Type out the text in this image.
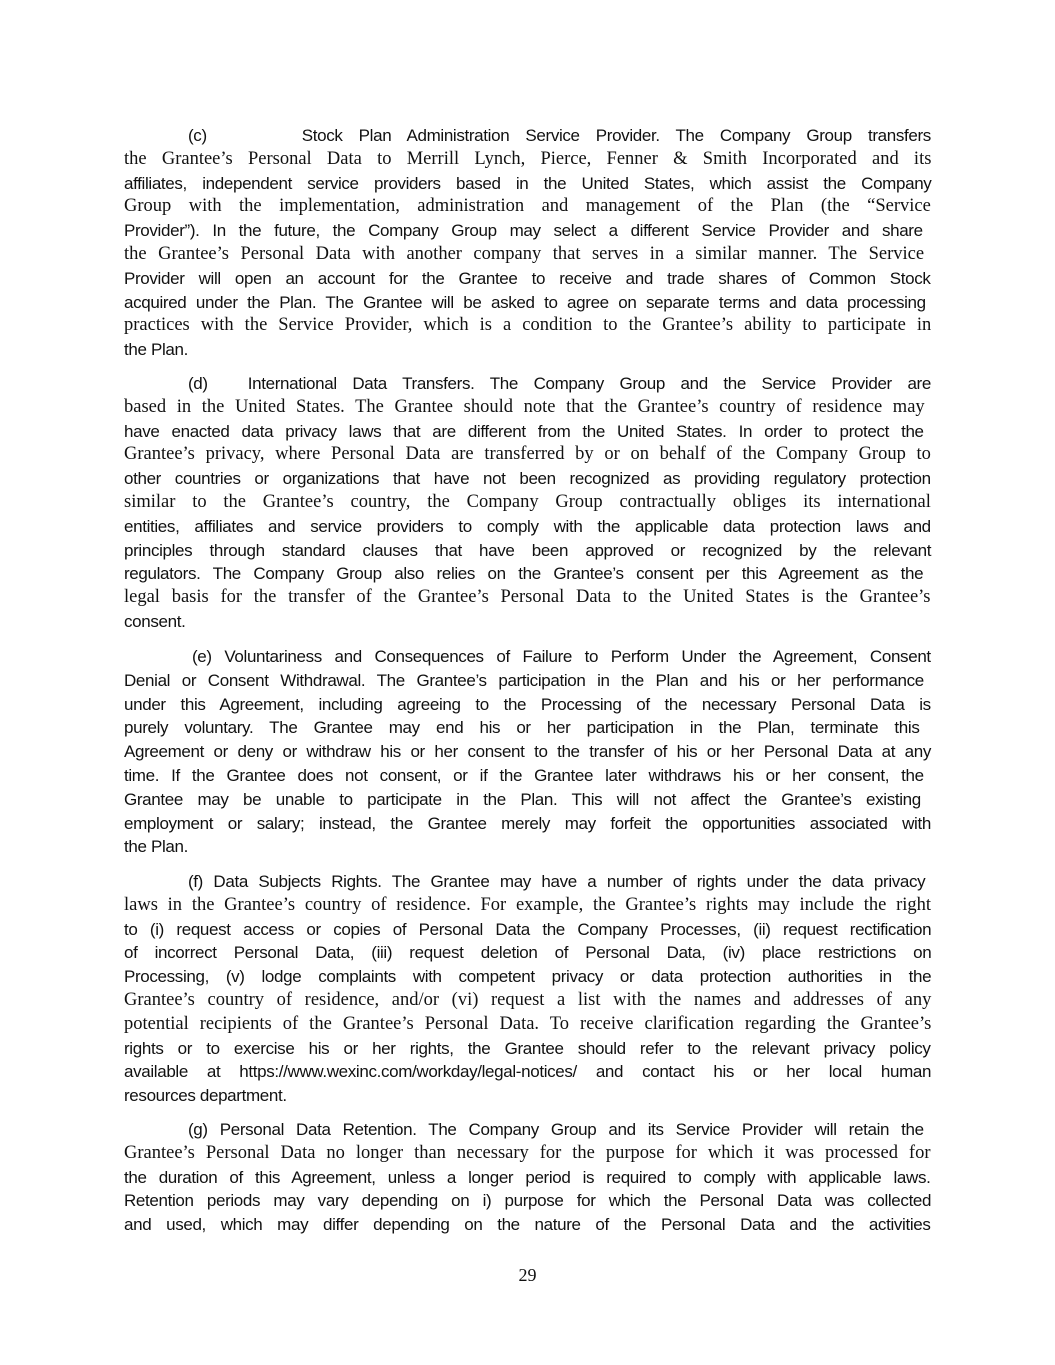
(c)	Stock Plan Administration Service Provider. The Company Group transfers
the Grantee’s Personal Data to Merrill Lynch, Pierce, Fenner & Smith Incorporated and its
affiliates, independent service providers based in the United States, which assist the Company
Group with the implementation, administration and management of the Plan (the “Service
Provider”). In the future, the Company Group may select a different Service Provider and share
the Grantee’s Personal Data with another company that serves in a similar manner. The Service
Provider will open an account for the Grantee to receive and trade shares of Common Stock
acquired under the Plan. The Grantee will be asked to agree on separate terms and data processing
practices with the Service Provider, which is a condition to the Grantee’s ability to participate in
the Plan.
(d) International Data Transfers. The Company Group and the Service Provider are
based in the United States. The Grantee should note that the Grantee’s country of residence may
have enacted data privacy laws that are different from the United States. In order to protect the
Grantee’s privacy, where Personal Data are transferred by or on behalf of the Company Group to
other countries or organizations that have not been recognized as providing regulatory protection
similar to the Grantee’s country, the Company Group contractually obliges its international
entities, affiliates and service providers to comply with the applicable data protection laws and
principles through standard clauses that have been approved or recognized by the relevant
regulators. The Company Group also relies on the Grantee’s consent per this Agreement as the
legal basis for the transfer of the Grantee’s Personal Data to the United States is the Grantee’s
consent.
(e) Voluntariness and Consequences of Failure to Perform Under the Agreement, Consent
Denial or Consent Withdrawal. The Grantee’s participation in the Plan and his or her performance
under this Agreement, including agreeing to the Processing of the necessary Personal Data is
purely voluntary. The Grantee may end his or her participation in the Plan, terminate this
Agreement or deny or withdraw his or her consent to the transfer of his or her Personal Data at any
time. If the Grantee does not consent, or if the Grantee later withdraws his or her consent, the
Grantee may be unable to participate in the Plan. This will not affect the Grantee’s existing
employment or salary; instead, the Grantee merely may forfeit the opportunities associated with
the Plan.
(f) Data Subjects Rights. The Grantee may have a number of rights under the data privacy
laws in the Grantee’s country of residence. For example, the Grantee’s rights may include the right
to (i) request access or copies of Personal Data the Company Processes, (ii) request rectification
of incorrect Personal Data, (iii) request deletion of Personal Data, (iv) place restrictions on
Processing, (v) lodge complaints with competent privacy or data protection authorities in the
Grantee’s country of residence, and/or (vi) request a list with the names and addresses of any
potential recipients of the Grantee’s Personal Data. To receive clarification regarding the Grantee’s
rights or to exercise his or her rights, the Grantee should refer to the relevant privacy policy
available at https://www.wexinc.com/workday/legal-notices/ and contact his or her local human
resources department.
(g) Personal Data Retention. The Company Group and its Service Provider will retain the
Grantee’s Personal Data no longer than necessary for the purpose for which it was processed for
the duration of this Agreement, unless a longer period is required to comply with applicable laws.
Retention periods may vary depending on i) purpose for which the Personal Data was collected
and used, which may differ depending on the nature of the Personal Data and the activities
29
